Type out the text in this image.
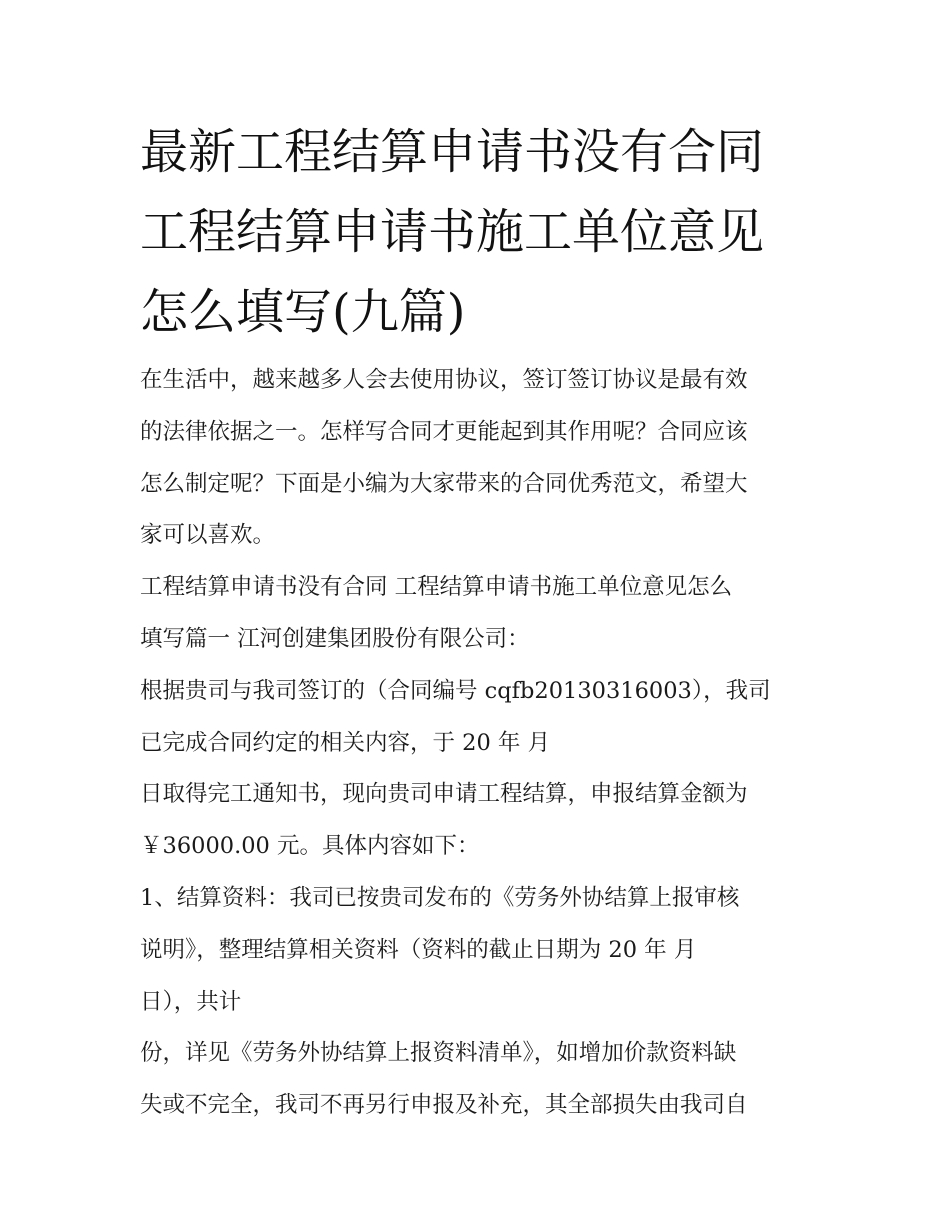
最新工程结算申请书没有合同
工程结算申请书施工单位意见
怎么填写(九篇)
在生活中，越来越多人会去使用协议，签订签订协议是最有效
的法律依据之一。怎样写合同才更能起到其作用呢？合同应该
怎么制定呢？下面是小编为大家带来的合同优秀范文，希望大
家可以喜欢。
工程结算申请书没有合同 工程结算申请书施工单位意见怎么
填写篇一 江河创建集团股份有限公司：
根据贵司与我司签订的（合同编号 cqfb20130316003），我司
已完成合同约定的相关内容，于 20 年 月
日取得完工通知书，现向贵司申请工程结算，申报结算金额为
￥36000.00 元。具体内容如下：
1、结算资料：我司已按贵司发布的《劳务外协结算上报审核
说明》，整理结算相关资料（资料的截止日期为 20 年 月
日），共计
份，详见《劳务外协结算上报资料清单》，如增加价款资料缺
失或不完全，我司不再另行申报及补充，其全部损失由我司自
